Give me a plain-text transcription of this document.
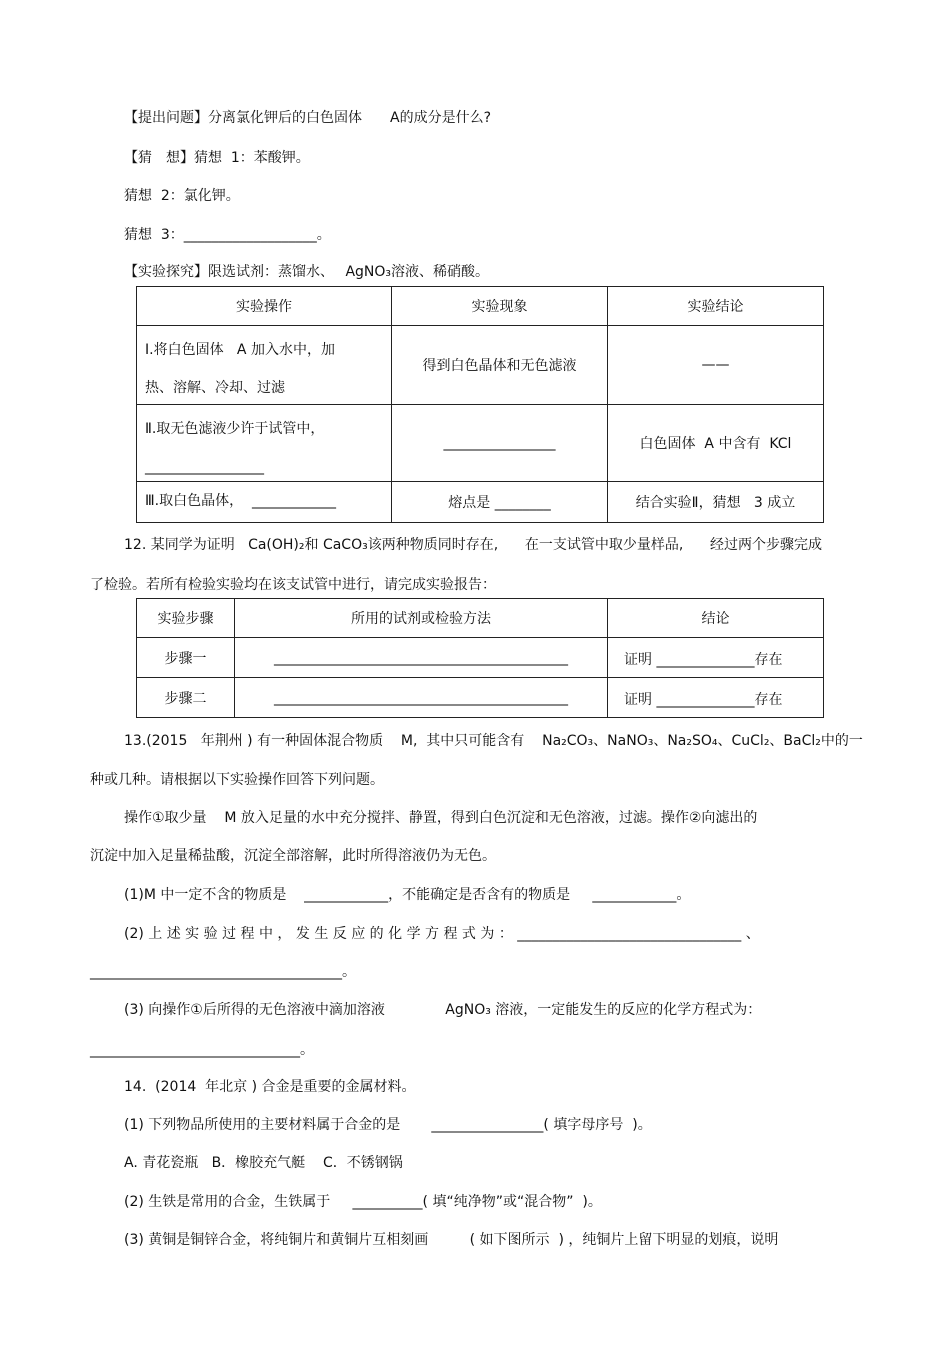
【提出问题】分离氯化钾后的白色固体　　A的成分是什么?
【猜　想】猜想  1：苯酸钾。
猜想  2：氯化钾。
猜想  3：___________________。
【实验探究】限选试剂：蒸馏水、　 AgNO₃溶液、稀硝酸。
实验操作	实验现象	实验结论

Ⅰ.将白色固体   A 加入水中，加
热、溶解、冷却、过滤	得到白色晶体和无色滤液	——

Ⅱ.取无色滤液少许于试管中，
_________________	________________	白色固体  A 中含有  KCl

Ⅲ.取白色晶体，  ____________	熔点是 ________	结合实验Ⅱ，猜想   3 成立
12. 某同学为证明   Ca(OH)₂和 CaCO₃该两种物质同时存在,      在一支试管中取少量样品,      经过两个步骤完成
了检验。若所有检验实验均在该支试管中进行，请完成实验报告：
实验步骤	所用的试剂或检验方法	结论
步骤一	__________________________________________	证明 ______________存在

步骤二	__________________________________________	证明 ______________存在
13.(2015   年荆州 ) 有一种固体混合物质    M,  其中只可能含有    Na₂CO₃、NaNO₃、Na₂SO₄、CuCl₂、BaCl₂中的一
种或几种。请根据以下实验操作回答下列问题。
操作①取少量    M 放入足量的水中充分搅拌、静置，得到白色沉淀和无色溶液，过滤。操作②向滤出的
沉淀中加入足量稀盐酸，沉淀全部溶解，此时所得溶液仍为无色。
(1)M 中一定不含的物质是    ____________，不能确定是否含有的物质是     ____________。
(2) 上 述 实 验 过 程 中 ， 发 生 反 应 的 化 学 方 程 式 为 ： ________________________________ 、
____________________________________。
(3) 向操作①后所得的无色溶液中滴加溶液　　　　 AgNO₃ 溶液，一定能发生的反应的化学方程式为：
______________________________。
14.  (2014  年北京 ) 合金是重要的金属材料。
(1) 下列物品所使用的主要材料属于合金的是       ________________( 填字母序号  )。
A. 青花瓷瓶   B．橡胶充气艇    C．不锈钢锅
(2) 生铁是常用的合金，生铁属于     __________( 填“纯净物”或“混合物”  )。
(3) 黄铜是铜锌合金，将纯铜片和黄铜片互相刻画　　   ( 如下图所示  ) ，纯铜片上留下明显的划痕，说明
